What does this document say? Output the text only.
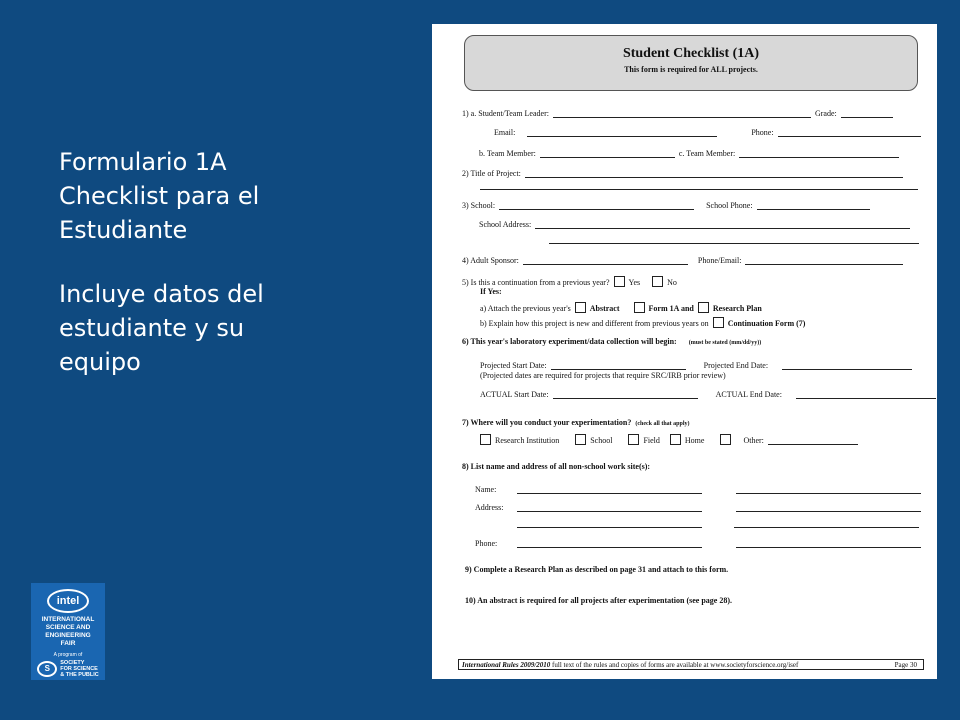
Formulario 1A
Checklist para el
Estudiante

Incluye datos del
estudiante y su
equipo

intel
INTERNATIONAL
SCIENCE AND
ENGINEERING
FAIR
A program of
S
SOCIETY
FOR SCIENCE
& THE PUBLIC
Student Checklist (1A)
This form is required for ALL projects.
1) a. Student/Team Leader:	Grade:
Email:	Phone:
b. Team Member:	c. Team Member:
2) Title of Project:
3) School:	School Phone:
School Address:
4) Adult Sponsor:	Phone/Email:
5) Is this a continuation from a previous year? Yes	No
If Yes:
a) Attach the previous year's Abstract	Form 1A and Research Plan
b) Explain how this project is new and different from previous years on Continuation Form (7)
6) This year's laboratory experiment/data collection will begin: (must be stated (mm/dd/yy))
Projected Start Date:	Projected End Date:
(Projected dates are required for projects that require SRC/IRB prior review)
ACTUAL Start Date:	ACTUAL End Date:
7) Where will you conduct your experimentation? (check all that apply)
Research Institution	School	Field	Home	Other:
8) List name and address of all non-school work site(s):
Name:
Address:
Phone:
9) Complete a Research Plan as described on page 31 and attach to this form.
10) An abstract is required for all projects after experimentation (see page 28).
International Rules 2009/2010 full text of the rules and copies of forms are available at www.societyforscience.org/isef	Page 30
